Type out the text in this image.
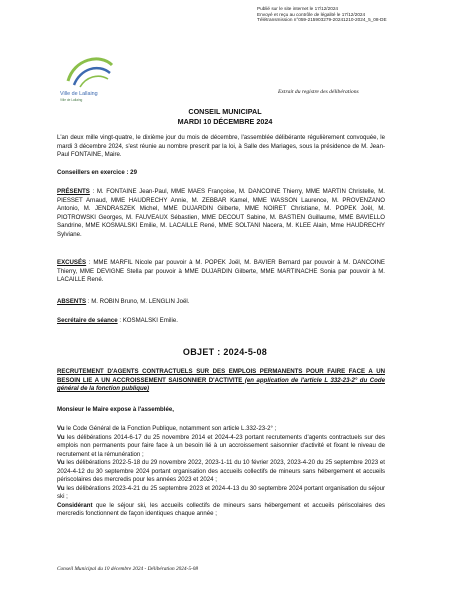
Publié sur le site internet le 17/12/2024
Envoyé et reçu au contrôle de légalité le 17/12/2024
Télétransmission n°059-215903279-20241210-2024_5_08-DE
Ville de Lallaing
Ville de Lallaing
Extrait du registre des délibérations
CONSEIL MUNICIPAL
MARDI 10 DÉCEMBRE 2024
L'an deux mille vingt-quatre, le dixième jour du mois de décembre, l'assemblée délibérante régulièrement convoquée, le mardi 3 décembre 2024, s'est réunie au nombre prescrit par la loi, à Salle des Mariages, sous la présidence de M. Jean-Paul FONTAINE, Maire.
Conseillers en exercice : 29
PRÉSENTS : M. FONTAINE Jean-Paul, MME MAES Françoise, M. DANCOINE Thierry, MME MARTIN Christelle, M. PIESSET Arnaud, MME HAUDRECHY Annie, M. ZEBBAR Kamel, MME WASSON Laurence, M. PROVENZANO Antonio, M. JENDRASZEK Michel, MME DUJARDIN Gilberte, MME NOIRET Christiane, M. POPEK Joël, M. PIOTROWSKI Georges, M. FAUVEAUX Sébastien, MME DECOUT Sabine, M. BASTIEN Guillaume, MME BAVIELLO Sandrine, MME KOSMALSKI Emilie, M. LACAILLE René, MME SOLTANI Nacera, M. KLEE Alain, Mme HAUDRECHY Sylviane.
EXCUSÉS : MME MARFIL Nicole par pouvoir à M. POPEK Joël, M. BAVIER Bernard par pouvoir à M. DANCOINE Thierry, MME DEVIGNE Stella par pouvoir à MME DUJARDIN Gilberte, MME MARTINACHE Sonia par pouvoir à M. LACAILLE René.
ABSENTS : M. ROBIN Bruno, M. LENGLIN Joël.
Secrétaire de séance : KOSMALSKI Emilie.
OBJET : 2024-5-08
RECRUTEMENT D'AGENTS CONTRACTUELS SUR DES EMPLOIS PERMANENTS POUR FAIRE FACE A UN BESOIN LIE A UN ACCROISSEMENT SAISONNIER D'ACTIVITE (en application de l'article L 332-23-2° du Code général de la fonction publique)
Monsieur le Maire expose à l'assemblée,
Vu le Code Général de la Fonction Publique, notamment son article L.332-23-2° ;
Vu les délibérations 2014-6-17 du 25 novembre 2014 et 2024-4-23 portant recrutements d'agents contractuels sur des emplois non permanents pour faire face à un besoin lié à un accroissement saisonnier d'activité et fixant le niveau de recrutement et la rémunération ;
Vu les délibérations 2022-5-18 du 29 novembre 2022, 2023-1-11 du 10 février 2023, 2023-4-20 du 25 septembre 2023 et 2024-4-12 du 30 septembre 2024 portant organisation des accueils collectifs de mineurs sans hébergement et accueils périscolaires des mercredis pour les années 2023 et 2024 ;
Vu les délibérations 2023-4-21 du 25 septembre 2023 et 2024-4-13 du 30 septembre 2024 portant organisation du séjour ski ;
Considérant que le séjour ski, les accueils collectifs de mineurs sans hébergement et accueils périscolaires des mercredis fonctionnent de façon identiques chaque année ;
Conseil Municipal du 10 décembre 2024 - Délibération 2024-5-08
